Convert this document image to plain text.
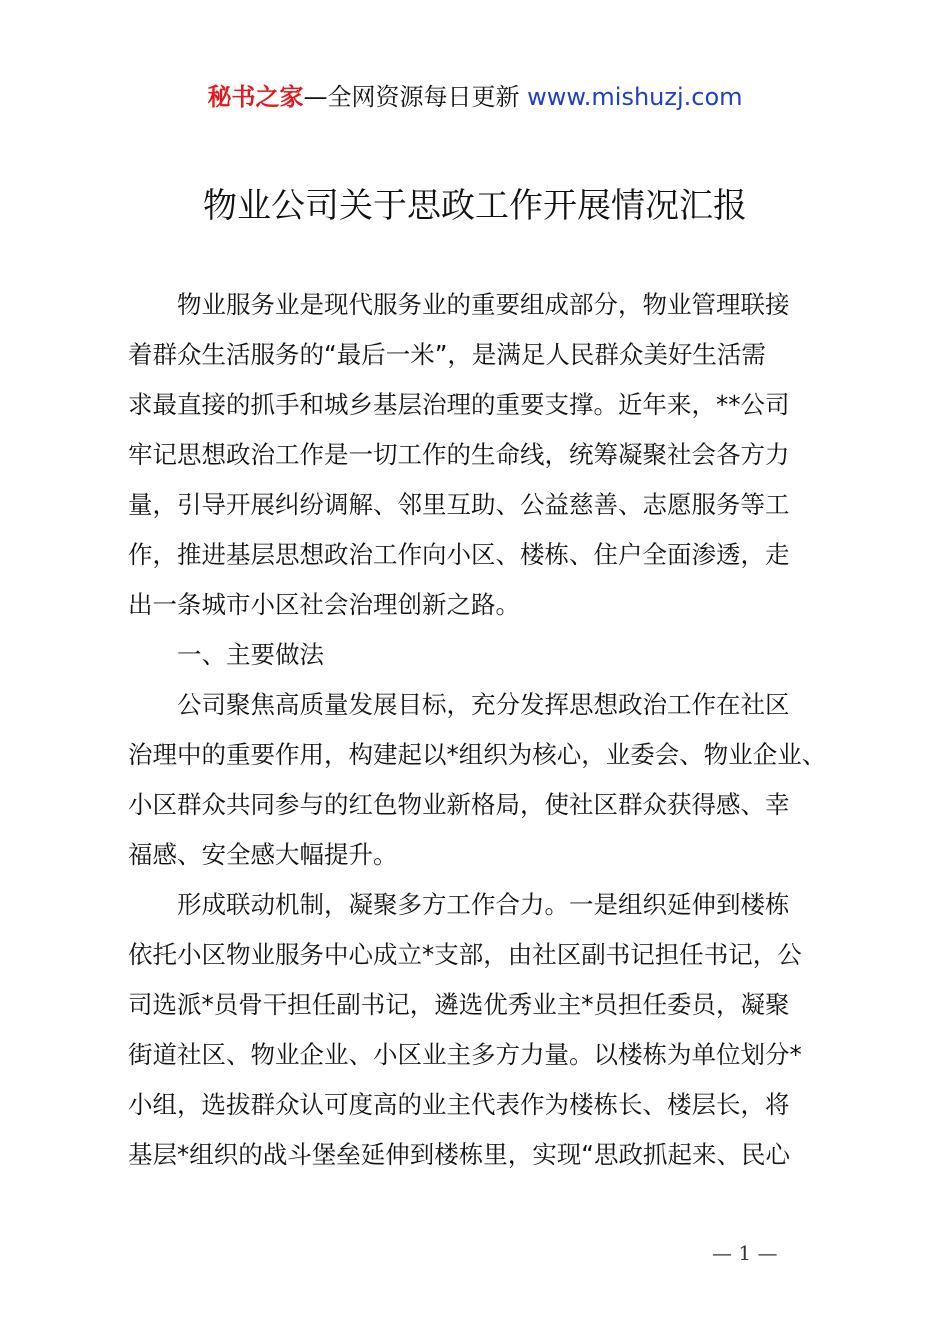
秘书之家—全网资源每日更新 www.mishuzj.com
物业公司关于思政工作开展情况汇报
　　物业服务业是现代服务业的重要组成部分，物业管理联接
着群众生活服务的“最后一米”，是满足人民群众美好生活需
求最直接的抓手和城乡基层治理的重要支撑。近年来，**公司
牢记思想政治工作是一切工作的生命线，统筹凝聚社会各方力
量，引导开展纠纷调解、邻里互助、公益慈善、志愿服务等工
作，推进基层思想政治工作向小区、楼栋、住户全面渗透，走
出一条城市小区社会治理创新之路。
　　一、主要做法
　　公司聚焦高质量发展目标，充分发挥思想政治工作在社区
治理中的重要作用，构建起以*组织为核心，业委会、物业企业、
小区群众共同参与的红色物业新格局，使社区群众获得感、幸
福感、安全感大幅提升。
　　形成联动机制，凝聚多方工作合力。一是组织延伸到楼栋
依托小区物业服务中心成立*支部，由社区副书记担任书记，公
司选派*员骨干担任副书记，遴选优秀业主*员担任委员，凝聚
街道社区、物业企业、小区业主多方力量。以楼栋为单位划分*
小组，选拔群众认可度高的业主代表作为楼栋长、楼层长，将
基层*组织的战斗堡垒延伸到楼栋里，实现“思政抓起来、民心
— 1 —
